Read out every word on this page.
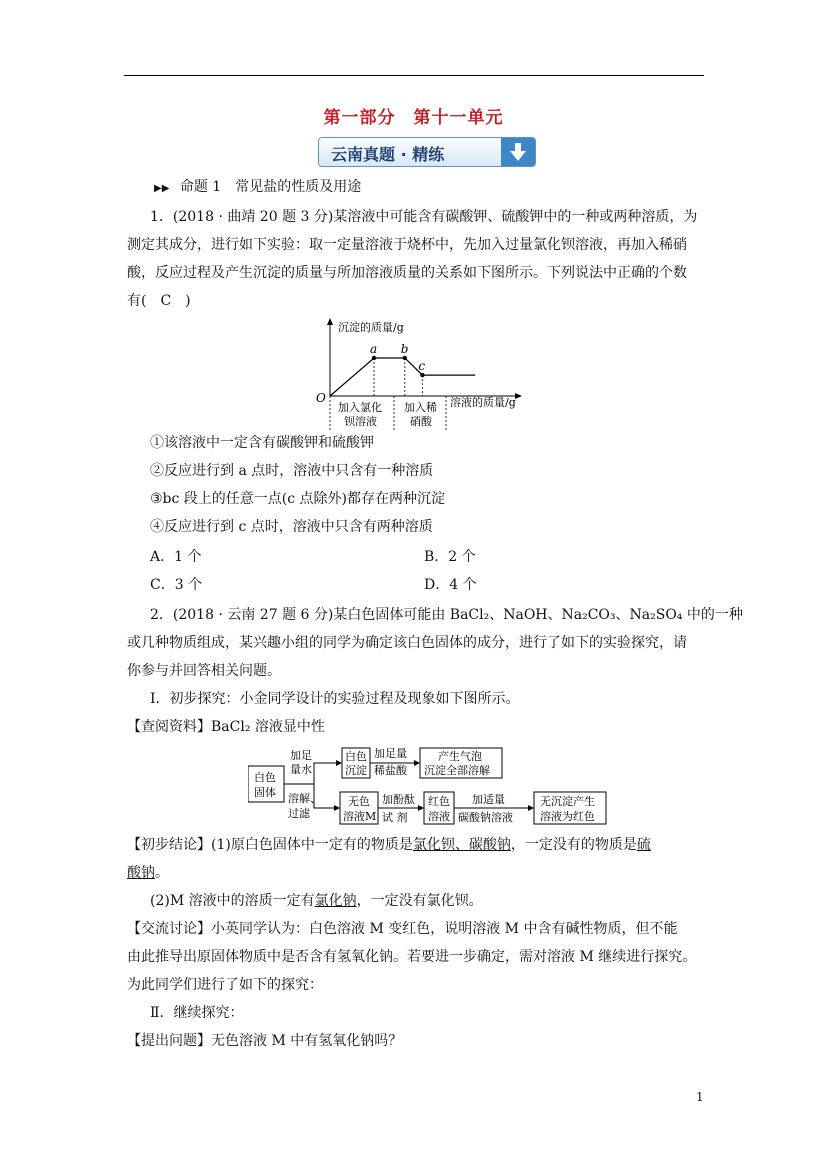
第一部分　第十一单元
云南真题 · 精练
▶▶ 命题 1　常见盐的性质及用途
1．(2018 · 曲靖 20 题 3 分)某溶液中可能含有碳酸钾、硫酸钾中的一种或两种溶质，为
测定其成分，进行如下实验：取一定量溶液于烧杯中，先加入过量氯化钡溶液，再加入稀硝
酸，反应过程及产生沉淀的质量与所加溶液质量的关系如下图所示。下列说法中正确的个数
有(　C　)
沉淀的质量/g
溶液的质量/g
O
a b
c
加入氯化
钡溶液
加入稀
硝酸
①该溶液中一定含有碳酸钾和硫酸钾
②反应进行到 a 点时，溶液中只含有一种溶质
③bc 段上的任意一点(c 点除外)都存在两种沉淀
④反应进行到 c 点时，溶液中只含有两种溶质
A．1 个	B．2 个
C．3 个	D．4 个
2．(2018 · 云南 27 题 6 分)某白色固体可能由 BaCl₂、NaOH、Na₂CO₃、Na₂SO₄ 中的一种
或几种物质组成，某兴趣小组的同学为确定该白色固体的成分，进行了如下的实验探究，请
你参与并回答相关问题。
Ⅰ．初步探究：小金同学设计的实验过程及现象如下图所示。
【查阅资料】BaCl₂ 溶液显中性
白色
固体
加足
量水
溶解、
过滤
白色
沉淀
加足量
稀盐酸
产生气泡
沉淀全部溶解
无色
溶液M
加酚酞
试 剂
红色
溶液
加适量
碳酸钠溶液
无沉淀产生
溶液为红色
【初步结论】(1)原白色固体中一定有的物质是氯化钡、碳酸钠，一定没有的物质是硫
酸钠。
(2)M 溶液中的溶质一定有氯化钠，一定没有氯化钡。
【交流讨论】小英同学认为：白色溶液 M 变红色，说明溶液 M 中含有碱性物质，但不能
由此推导出原固体物质中是否含有氢氧化钠。若要进一步确定，需对溶液 M 继续进行探究。
为此同学们进行了如下的探究：
Ⅱ．继续探究：
【提出问题】无色溶液 M 中有氢氧化钠吗？
1
